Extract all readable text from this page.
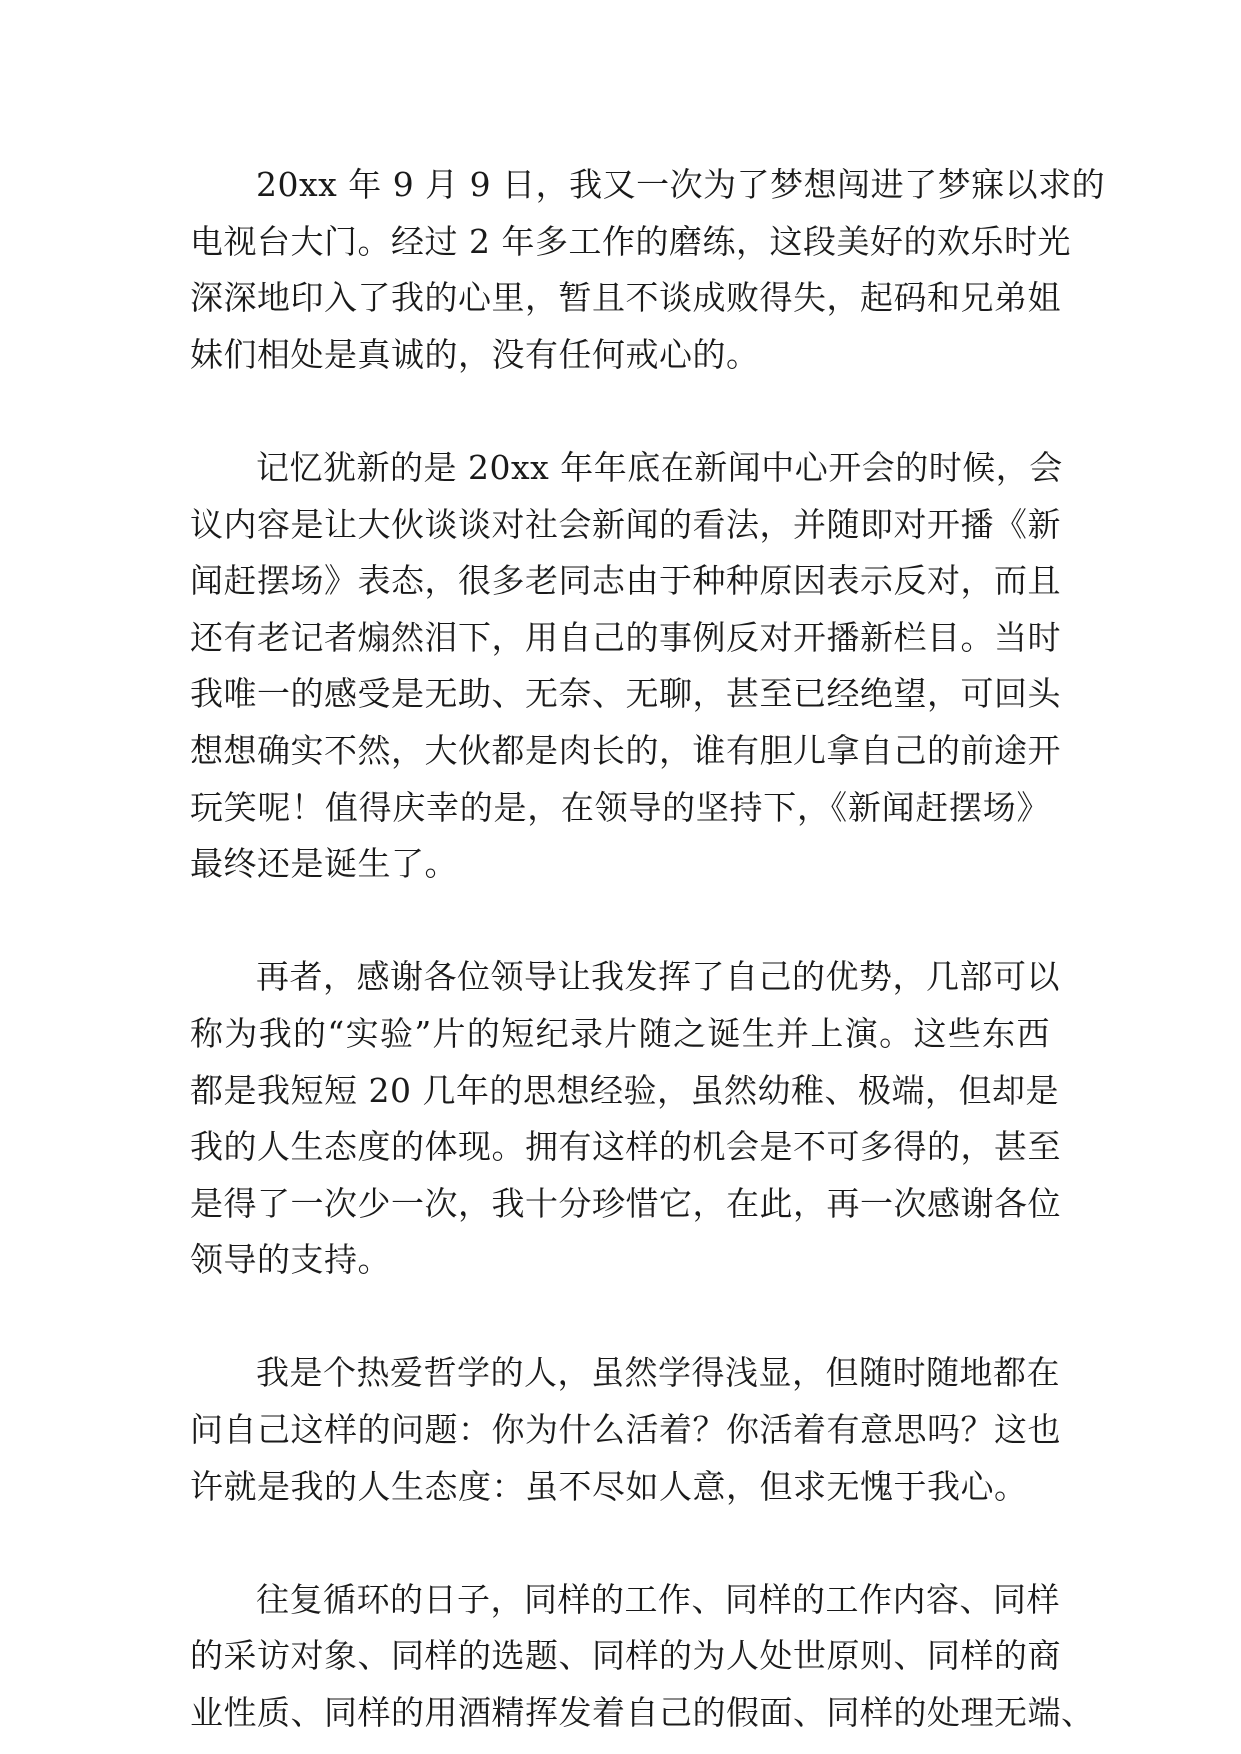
20xx 年 9 月 9 日，我又一次为了梦想闯进了梦寐以求的
电视台大门。经过 2 年多工作的磨练，这段美好的欢乐时光
深深地印入了我的心里，暂且不谈成败得失，起码和兄弟姐
妹们相处是真诚的，没有任何戒心的。
记忆犹新的是 20xx 年年底在新闻中心开会的时候，会
议内容是让大伙谈谈对社会新闻的看法，并随即对开播《新
闻赶摆场》表态，很多老同志由于种种原因表示反对，而且
还有老记者煽然泪下，用自己的事例反对开播新栏目。当时
我唯一的感受是无助、无奈、无聊，甚至已经绝望，可回头
想想确实不然，大伙都是肉长的，谁有胆儿拿自己的前途开
玩笑呢！值得庆幸的是，在领导的坚持下，《新闻赶摆场》
最终还是诞生了。
再者，感谢各位领导让我发挥了自己的优势，几部可以
称为我的“实验”片的短纪录片随之诞生并上演。这些东西
都是我短短 20 几年的思想经验，虽然幼稚、极端，但却是
我的人生态度的体现。拥有这样的机会是不可多得的，甚至
是得了一次少一次，我十分珍惜它，在此，再一次感谢各位
领导的支持。
我是个热爱哲学的人，虽然学得浅显，但随时随地都在
问自己这样的问题：你为什么活着？你活着有意思吗？这也
许就是我的人生态度：虽不尽如人意，但求无愧于我心。
往复循环的日子，同样的工作、同样的工作内容、同样
的采访对象、同样的选题、同样的为人处世原则、同样的商
业性质、同样的用酒精挥发着自己的假面、同样的处理无端、
